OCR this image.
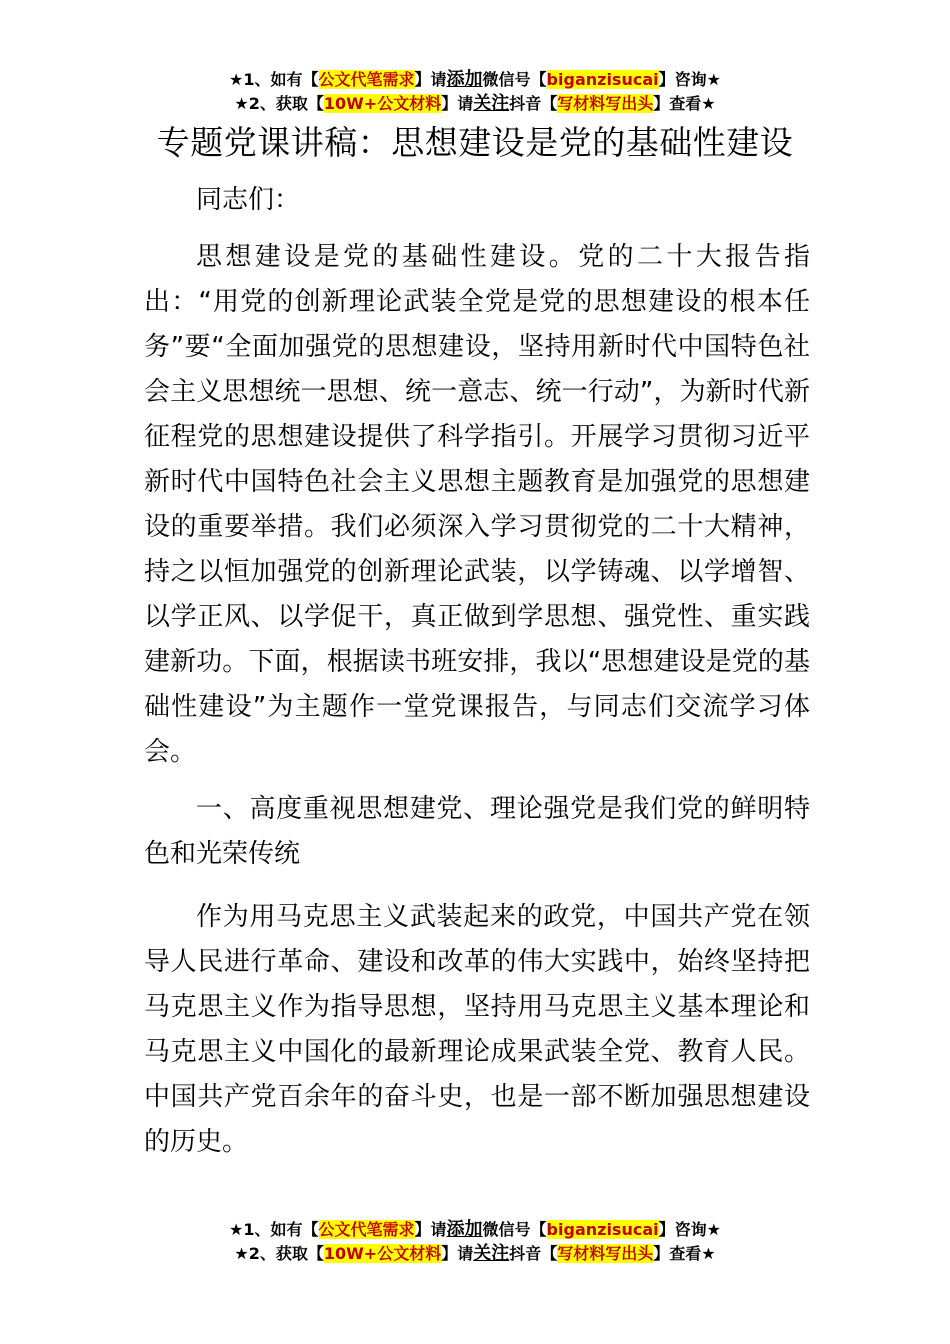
★1、如有【公文代笔需求】请添加微信号【biganzisucai】咨询★
★2、获取【10W+公文材料】请关注抖音【写材料写出头】查看★
专题党课讲稿：思想建设是党的基础性建设

同志们：

思想建设是党的基础性建设。党的二十大报告指出：“用党的创新理论武装全党是党的思想建设的根本任务”要“全面加强党的思想建设，坚持用新时代中国特色社会主义思想统一思想、统一意志、统一行动”，为新时代新征程党的思想建设提供了科学指引。开展学习贯彻习近平新时代中国特色社会主义思想主题教育是加强党的思想建设的重要举措。我们必须深入学习贯彻党的二十大精神，持之以恒加强党的创新理论武装，以学铸魂、以学增智、以学正风、以学促干，真正做到学思想、强党性、重实践建新功。下面，根据读书班安排，我以“思想建设是党的基础性建设”为主题作一堂党课报告，与同志们交流学习体会。

一、高度重视思想建党、理论强党是我们党的鲜明特色和光荣传统

作为用马克思主义武装起来的政党，中国共产党在领导人民进行革命、建设和改革的伟大实践中，始终坚持把马克思主义作为指导思想，坚持用马克思主义基本理论和马克思主义中国化的最新理论成果武装全党、教育人民。中国共产党百余年的奋斗史，也是一部不断加强思想建设的历史。

★1、如有【公文代笔需求】请添加微信号【biganzisucai】咨询★
★2、获取【10W+公文材料】请关注抖音【写材料写出头】查看★
